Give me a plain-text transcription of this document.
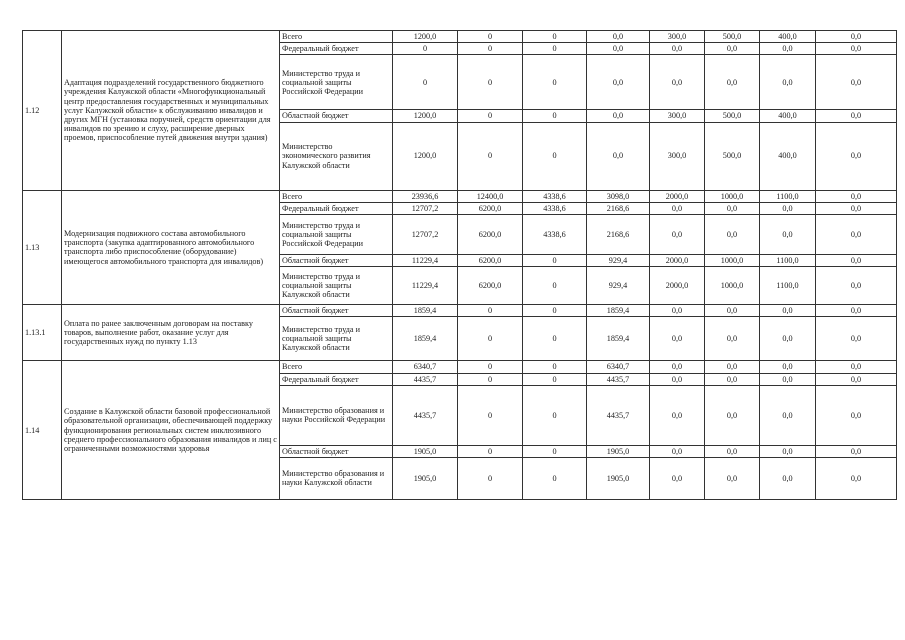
1.12	Адаптация подразделений государственного бюджетного учреждения Калужской области «Многофункциональный центр предоставления государственных и муниципальных услуг Калужской области» к обслуживанию инвалидов и других МГН (установка поручней, средств ориентации для инвалидов по зрению и слуху, расширение дверных проемов, приспособление путей движения внутри здания)	Всего	1200,0	0	0	0,0	300,0	500,0	400,0	0,0
		Федеральный бюджет	0	0	0	0,0	0,0	0,0	0,0	0,0
		Министерство труда и социальной защиты Российской Федерации	0	0	0	0,0	0,0	0,0	0,0	0,0
		Областной бюджет	1200,0	0	0	0,0	300,0	500,0	400,0	0,0
		Министерство экономического развития Калужской области	1200,0	0	0	0,0	300,0	500,0	400,0	0,0
1.13	Модернизация подвижного состава автомобильного транспорта (закупка адаптированного автомобильного транспорта либо приспособление (оборудование) имеющегося автомобильного транспорта для инвалидов)	Всего	23936,6	12400,0	4338,6	3098,0	2000,0	1000,0	1100,0	0,0
		Федеральный бюджет	12707,2	6200,0	4338,6	2168,6	0,0	0,0	0,0	0,0
		Министерство труда и социальной защиты Российской Федерации	12707,2	6200,0	4338,6	2168,6	0,0	0,0	0,0	0,0
		Областной бюджет	11229,4	6200,0	0	929,4	2000,0	1000,0	1100,0	0,0
		Министерство труда и социальной защиты Калужской области	11229,4	6200,0	0	929,4	2000,0	1000,0	1100,0	0,0
1.13.1	Оплата по ранее заключенным договорам на поставку товаров, выполнение работ, оказание услуг для государственных нужд по пункту 1.13	Областной бюджет	1859,4	0	0	1859,4	0,0	0,0	0,0	0,0
		Министерство труда и социальной защиты Калужской области	1859,4	0	0	1859,4	0,0	0,0	0,0	0,0
1.14	Создание в Калужской области базовой профессиональной образовательной организации, обеспечивающей поддержку функционирования региональных систем инклюзивного среднего профессионального образования инвалидов и лиц с ограниченными возможностями здоровья	Всего	6340,7	0	0	6340,7	0,0	0,0	0,0	0,0
		Федеральный бюджет	4435,7	0	0	4435,7	0,0	0,0	0,0	0,0
		Министерство образования и науки Российской Федерации	4435,7	0	0	4435,7	0,0	0,0	0,0	0,0
		Областной бюджет	1905,0	0	0	1905,0	0,0	0,0	0,0	0,0
		Министерство образования и науки Калужской области	1905,0	0	0	1905,0	0,0	0,0	0,0	0,0
